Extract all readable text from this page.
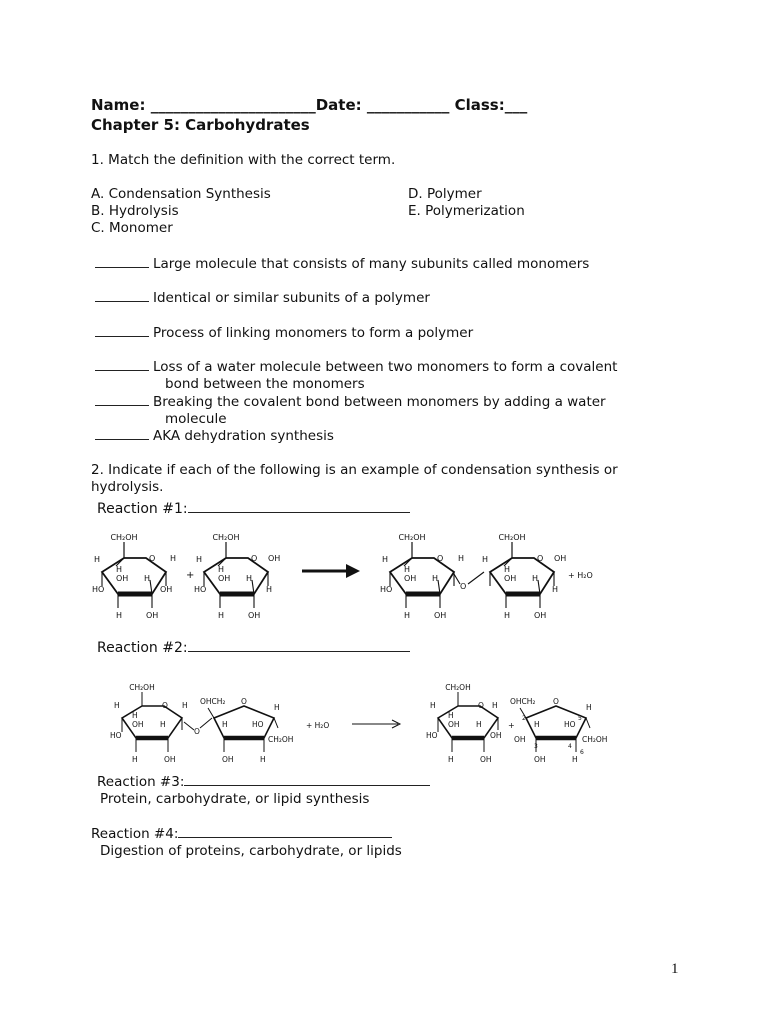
Name: ______________________Date: ___________ Class:___
Chapter 5: Carbohydrates
1. Match the definition with the correct term.
A. Condensation Synthesis
B. Hydrolysis
C. Monomer
D. Polymer
E. Polymerization
Large molecule that consists of many subunits called monomers
Identical or similar subunits of a polymer
Process of linking monomers to form a polymer
Loss of a water molecule between two monomers to form a covalent
bond between the monomers
Breaking the covalent bond between monomers by adding a water
molecule
AKA dehydration synthesis
2. Indicate if each of the following is an example of condensation synthesis or
hydrolysis.
Reaction #1:
CH₂OH
O H
H
H
OH H
HO	OH
H	OH
+
CH₂OH
O OH
H
H
OH H
HO	H
H	OH
CH₂OH
O H
H
H
OH H
HO
H	OH
O
CH₂OH
O OH
H
H
OH H
H
H	OH
+ H₂O
Reaction #2:
CH₂OH
O H
H
H
OH H
HO
H	OH
O
OHCH₂ O
H
H	HO
CH₂OH
OH	H
+ H₂O
CH₂OH
O H
H
H
OH H
HO	OH
H	OH
+
OHCH₂ O
H
2	5
H	HO
OH	CH₂OH
3	4
6
OH	H
Reaction #3:
Protein, carbohydrate, or lipid synthesis
Reaction #4:
Digestion of proteins, carbohydrate, or lipids
1
